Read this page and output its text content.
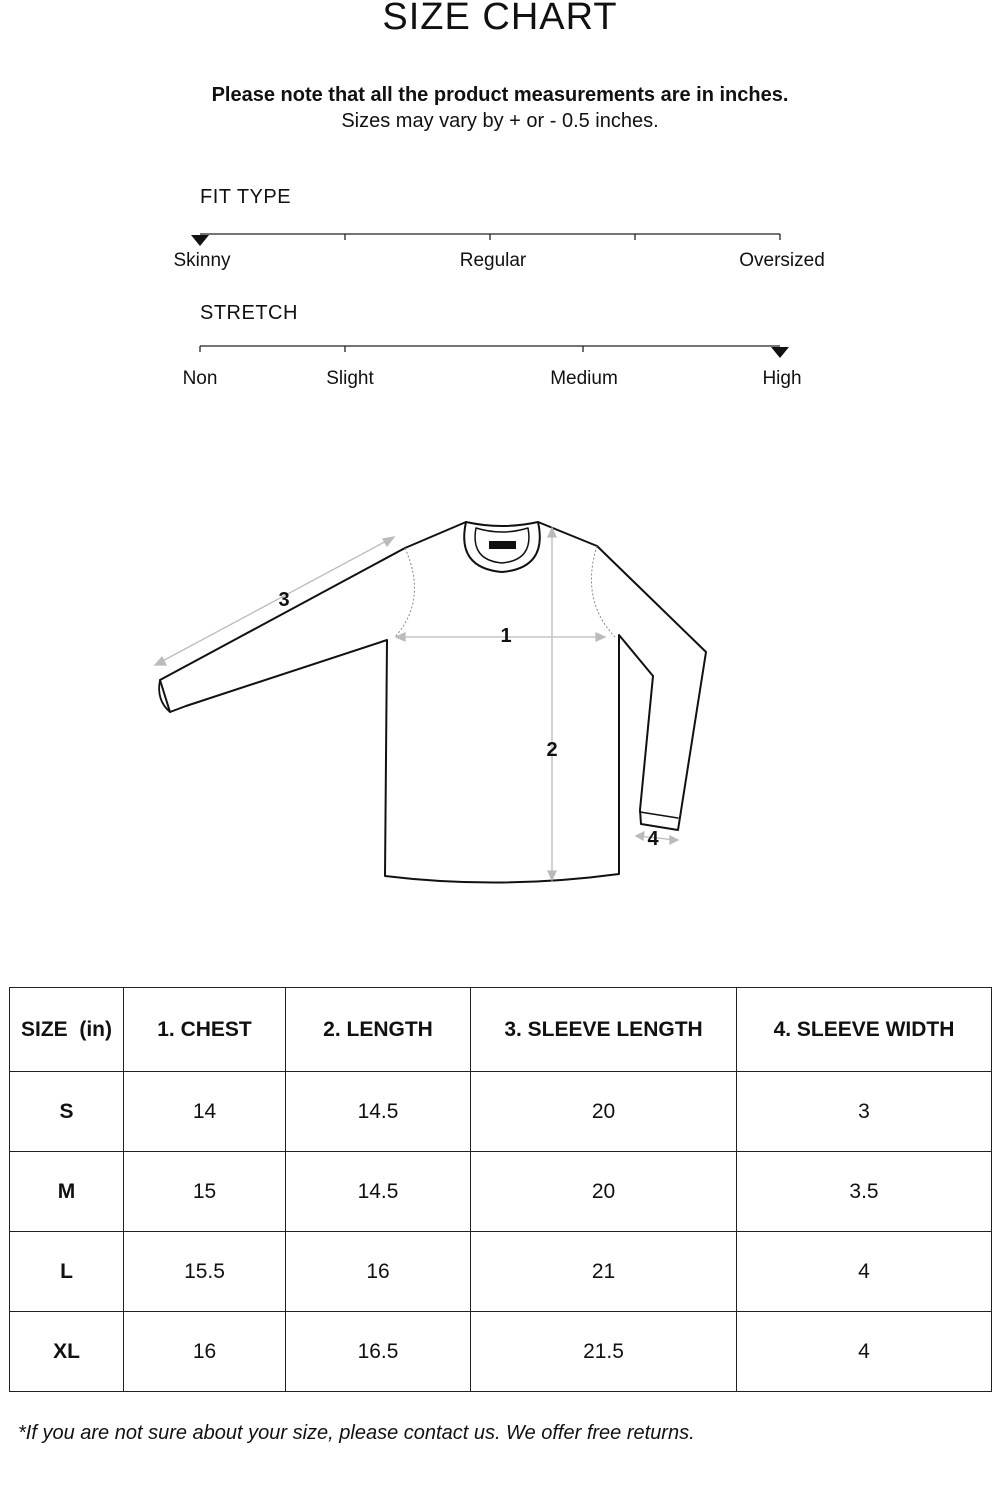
SIZE CHART
Please note that all the product measurements are in inches.
Sizes may vary by + or - 0.5 inches.
FIT TYPE
Skinny	Regular	Oversized
STRETCH
Non	Slight	Medium	High
1
2
3
4
SIZE  (in)	1. CHEST	2. LENGTH	3. SLEEVE LENGTH	4. SLEEVE WIDTH
S	14	14.5	20	3
M	15	14.5	20	3.5
L	15.5	16	21	4
XL	16	16.5	21.5	4
*If you are not sure about your size, please contact us. We offer free returns.
